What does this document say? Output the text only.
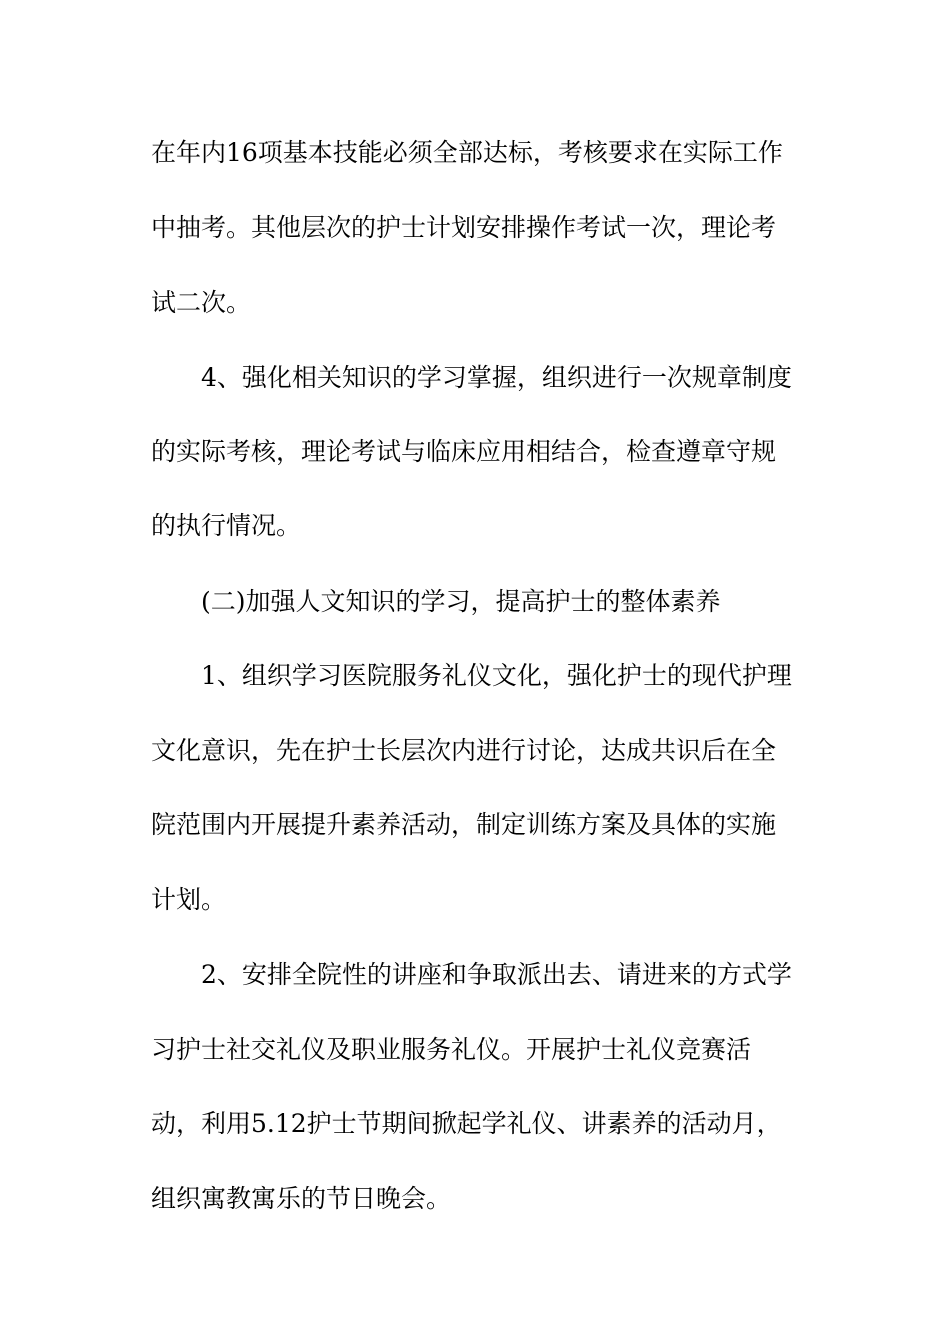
在年内16项基本技能必须全部达标，考核要求在实际工作

中抽考。其他层次的护士计划安排操作考试一次，理论考

试二次。

4、强化相关知识的学习掌握，组织进行一次规章制度

的实际考核，理论考试与临床应用相结合，检查遵章守规

的执行情况。

(二)加强人文知识的学习，提高护士的整体素养

1、组织学习医院服务礼仪文化，强化护士的现代护理

文化意识，先在护士长层次内进行讨论，达成共识后在全

院范围内开展提升素养活动，制定训练方案及具体的实施

计划。

2、安排全院性的讲座和争取派出去、请进来的方式学

习护士社交礼仪及职业服务礼仪。开展护士礼仪竞赛活

动，利用5.12护士节期间掀起学礼仪、讲素养的活动月，

组织寓教寓乐的节日晚会。
